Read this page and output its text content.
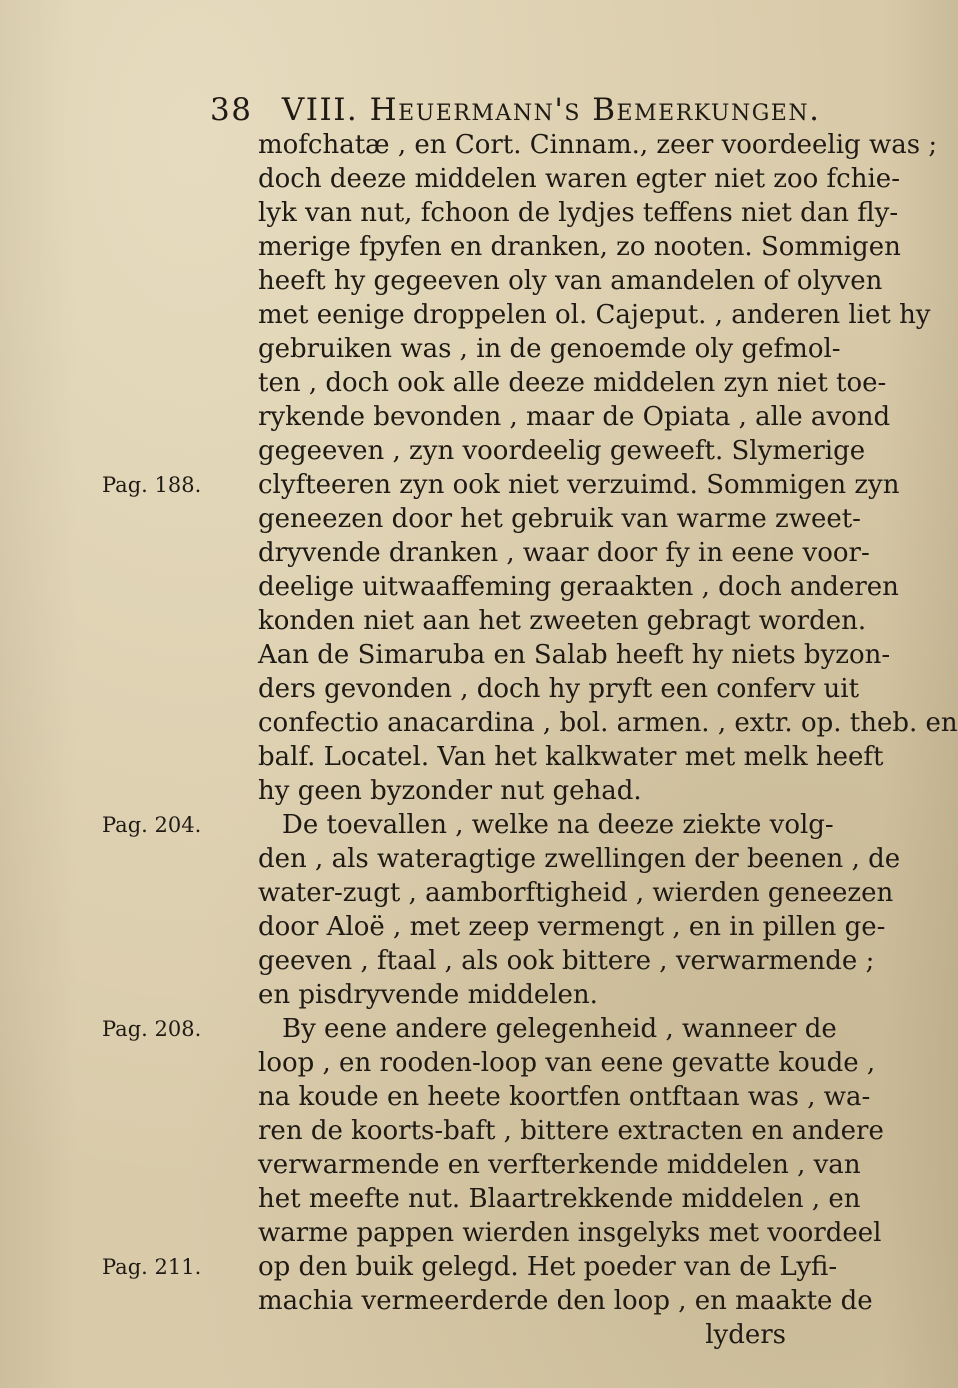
38 VIII. Heuermann's Bemerkungen.
mofchatæ , en Cort. Cinnam., zeer voordeelig was ;
doch deeze middelen waren egter niet zoo fchie-
lyk van nut, fchoon de lydjes teffens niet dan fly-
merige fpyfen en dranken, zo nooten. Sommigen
heeft hy gegeeven oly van amandelen of olyven
met eenige droppelen ol. Cajeput. , anderen liet hy
gebruiken was , in de genoemde oly gefmol-
ten , doch ook alle deeze middelen zyn niet toe-
rykende bevonden , maar de Opiata , alle avond
gegeeven , zyn voordeelig geweeft. Slymerige
clyfteeren zyn ook niet verzuimd. Sommigen zyn
geneezen door het gebruik van warme zweet-
dryvende dranken , waar door fy in eene voor-
deelige uitwaaffeming geraakten , doch anderen
konden niet aan het zweeten gebragt worden.
Aan de Simaruba en Salab heeft hy niets byzon-
ders gevonden , doch hy pryft een conferv uit
confectio anacardina , bol. armen. , extr. op. theb. en
balf. Locatel. Van het kalkwater met melk heeft
hy geen byzonder nut gehad.
De toevallen , welke na deeze ziekte volg-
den , als wateragtige zwellingen der beenen , de
water-zugt , aamborftigheid , wierden geneezen
door Aloë , met zeep vermengt , en in pillen ge-
geeven , ftaal , als ook bittere , verwarmende ;
en pisdryvende middelen.
By eene andere gelegenheid , wanneer de
loop , en rooden-loop van eene gevatte koude ,
na koude en heete koortfen ontftaan was , wa-
ren de koorts-baft , bittere extracten en andere
verwarmende en verfterkende middelen , van
het meefte nut. Blaartrekkende middelen , en
warme pappen wierden insgelyks met voordeel
op den buik gelegd. Het poeder van de Lyfi-
machia vermeerderde den loop , en maakte de
lyders
Pag. 188.
Pag. 204.
Pag. 208.
Pag. 211.
